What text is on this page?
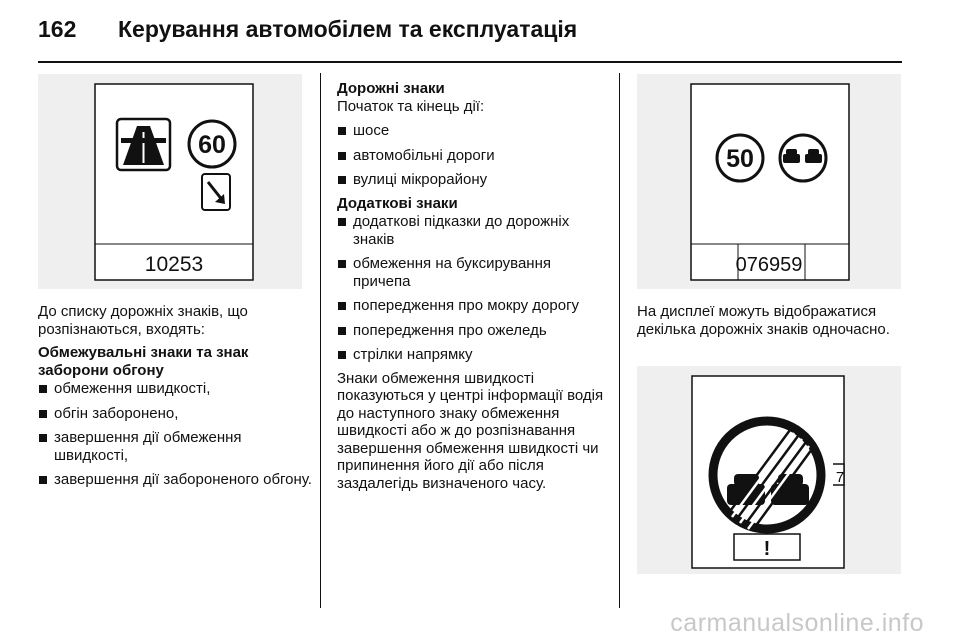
162 Керування автомобілем та експлуатація
60
10253

До списку дорожніх знаків, що розпізнаються, входять:

Обмежувальні знаки та знак заборони обгону

обмеження швидкості,
обгін заборонено,
завершення дії обмеження швидкості,
завершення дії забороненого обгону.

Дорожні знаки

Початок та кінець дії:

шосе
автомобільні дороги
вулиці мікрорайону

Додаткові знаки

додаткові підказки до дорожніх знаків
обмеження на буксирування причепа
попередження про мокру дорогу
попередження про ожеледь
стрілки напрямку

Знаки обмеження швидкості показуються у центрі інформації водія до наступного знаку обмеження швидкості або ж до розпізнавання завершення обмеження швидкості чи припинення його дії або після заздалегідь визначеного часу.

50
076959

На дисплеї можуть відображатися декілька дорожніх знаків одночасно.

!
7
carmanualsonline.info
